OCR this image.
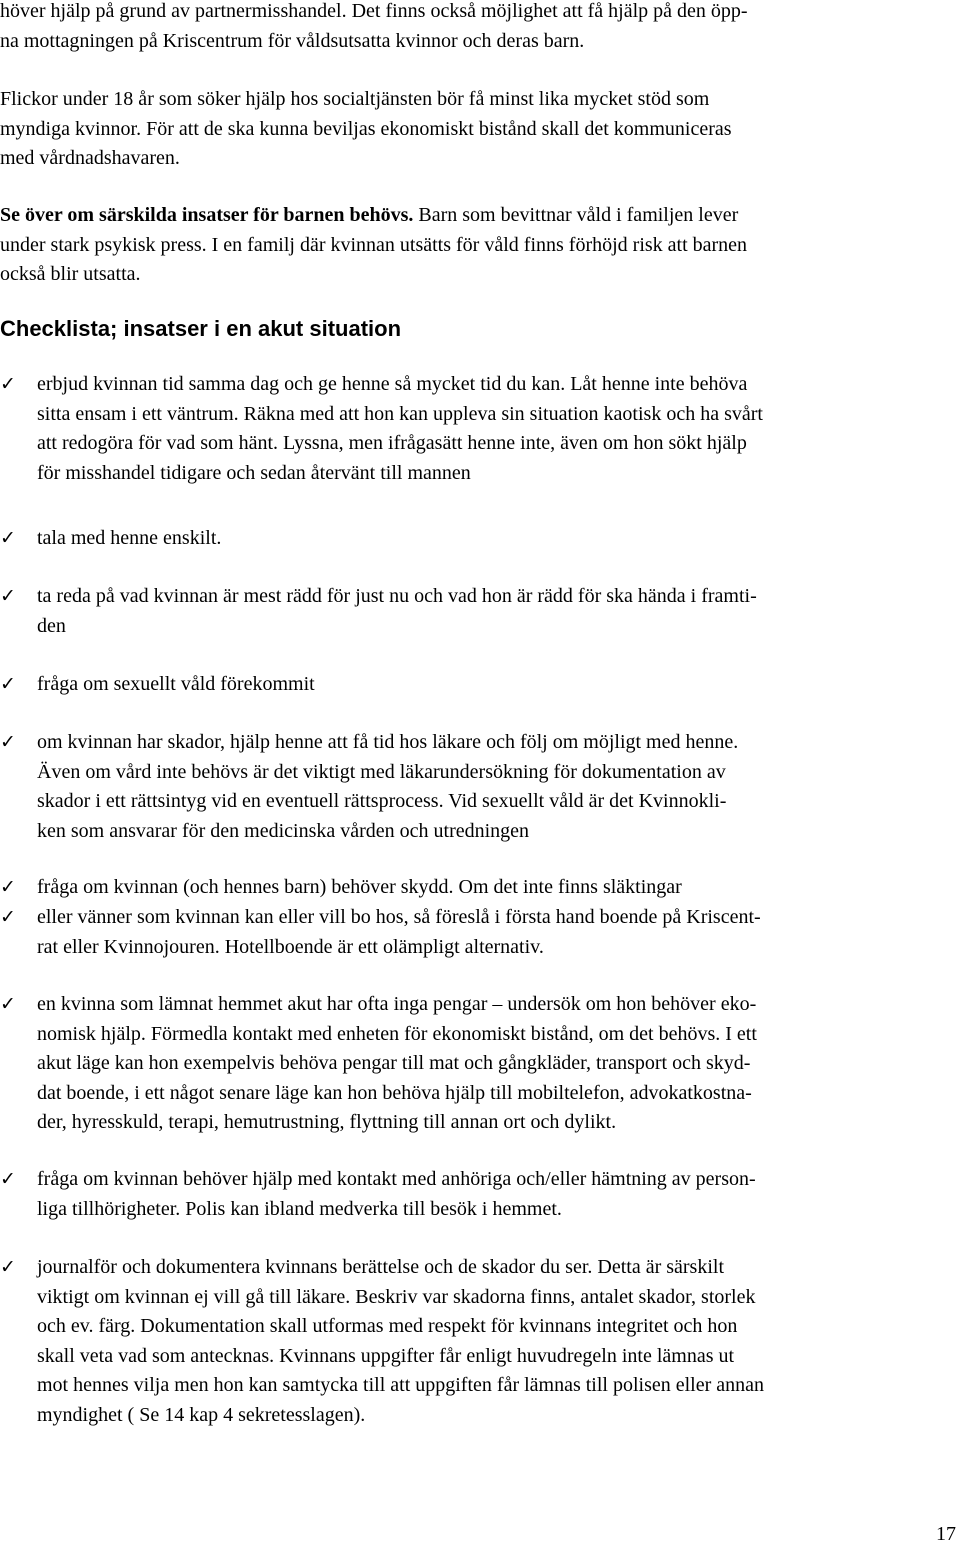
höver hjälp på grund av partnermisshandel. Det finns också möjlighet att få hjälp på den öpp-
na mottagningen på Kriscentrum för våldsutsatta kvinnor och deras barn.

Flickor under 18 år som söker hjälp hos socialtjänsten bör få minst lika mycket stöd som
myndiga kvinnor. För att de ska kunna beviljas ekonomiskt bistånd skall det kommuniceras
med vårdnadshavaren.

Se över om särskilda insatser för barnen behövs. Barn som bevittnar våld i familjen lever
under stark psykisk press. I en familj där kvinnan utsätts för våld finns förhöjd risk att barnen
också blir utsatta.

Checklista; insatser i en akut situation
✓	erbjud kvinnan tid samma dag och ge henne så mycket tid du kan. Låt henne inte behöva
sitta ensam i ett väntrum. Räkna med att hon kan uppleva sin situation kaotisk och ha svårt
att redogöra för vad som hänt. Lyssna, men ifrågasätt henne inte, även om hon sökt hjälp
för misshandel tidigare och sedan återvänt till mannen
✓	tala med henne enskilt.
✓	ta reda på vad kvinnan är mest rädd för just nu och vad hon är rädd för ska hända i framti-
den
✓	fråga om sexuellt våld förekommit
✓	om kvinnan har skador, hjälp henne att få tid hos läkare och följ om möjligt med henne.
Även om vård inte behövs är det viktigt med läkarundersökning för dokumentation av
skador i ett rättsintyg vid en eventuell rättsprocess. Vid sexuellt våld är det Kvinnokli-
ken som ansvarar för den medicinska vården och utredningen
✓	fråga om kvinnan (och hennes barn) behöver skydd. Om det inte finns släktingar
✓	eller vänner som kvinnan kan eller vill bo hos, så föreslå i första hand boende på Kriscent-
rat eller Kvinnojouren. Hotellboende är ett olämpligt alternativ.
✓	en kvinna som lämnat hemmet akut har ofta inga pengar – undersök om hon behöver eko-
nomisk hjälp. Förmedla kontakt med enheten för ekonomiskt bistånd, om det behövs. I ett
akut läge kan hon exempelvis behöva pengar till mat och gångkläder, transport och skyd-
dat boende, i ett något senare läge kan hon behöva hjälp till mobiltelefon, advokatkostna-
der, hyresskuld, terapi, hemutrustning, flyttning till annan ort och dylikt.
✓	fråga om kvinnan behöver hjälp med kontakt med anhöriga och/eller hämtning av person-
liga tillhörigheter. Polis kan ibland medverka till besök i hemmet.
✓	journalför och dokumentera kvinnans berättelse och de skador du ser. Detta är särskilt
viktigt om kvinnan ej vill gå till läkare. Beskriv var skadorna finns, antalet skador, storlek
och ev. färg. Dokumentation skall utformas med respekt för kvinnans integritet och hon
skall veta vad som antecknas. Kvinnans uppgifter får enligt huvudregeln inte lämnas ut
mot hennes vilja men hon kan samtycka till att uppgiften får lämnas till polisen eller annan
myndighet ( Se 14 kap 4 sekretesslagen).

17
